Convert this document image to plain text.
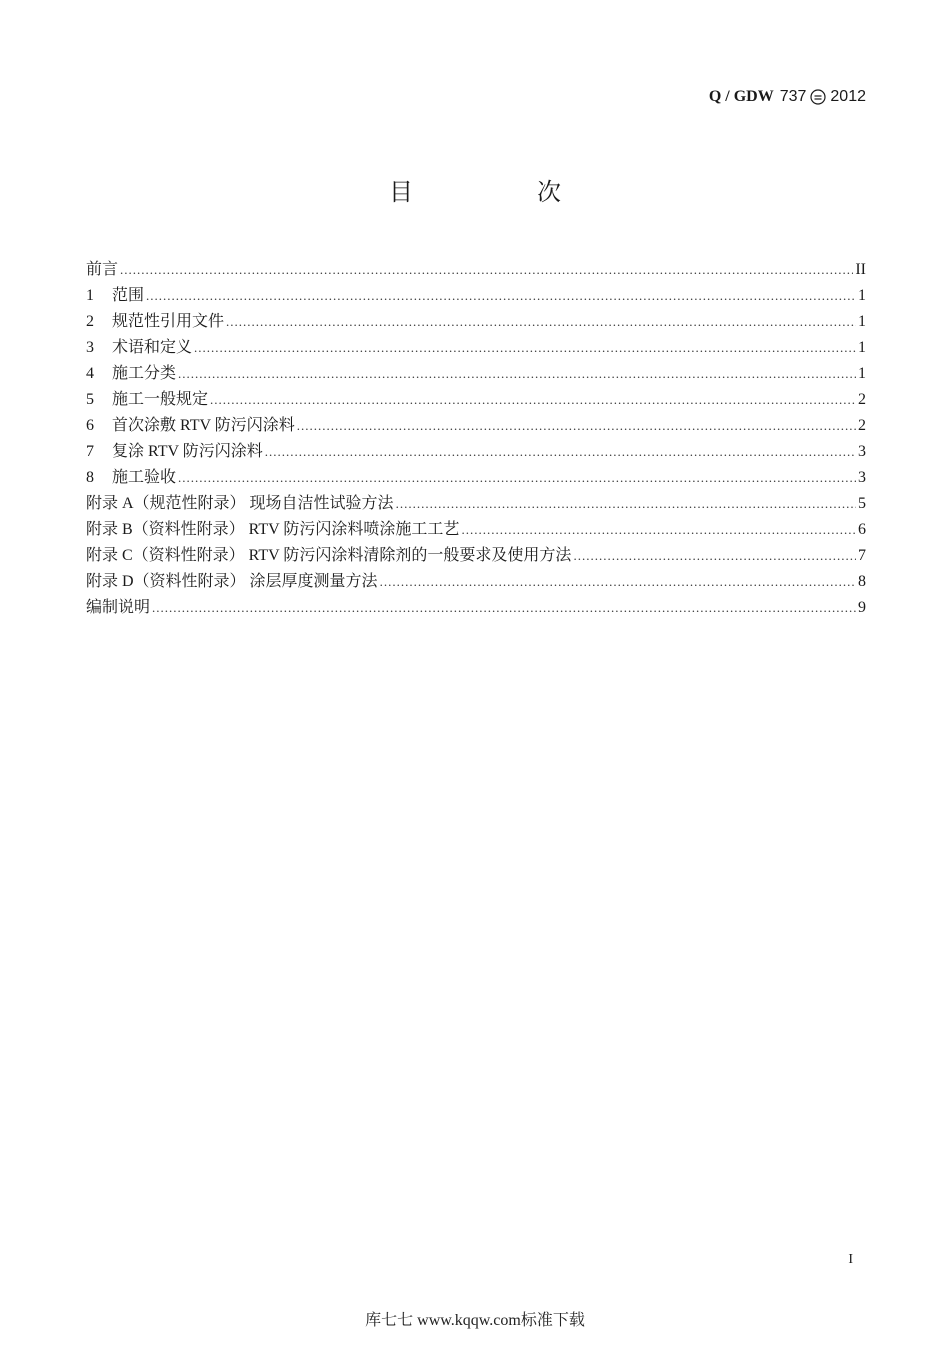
Q / GDW 737 2012
目　次
前言 .....	II
1	范围 .....	1
2	规范性引用文件 .....	1
3	术语和定义 .....	1
4	施工分类 .....	1
5	施工一般规定 .....	2
6	首次涂敷 RTV 防污闪涂料 .....	2
7	复涂 RTV 防污闪涂料 .....	3
8	施工验收 .....	3
附录 A（规范性附录） 现场自洁性试验方法 .....	5
附录 B（资料性附录） RTV 防污闪涂料喷涂施工工艺 .....	6
附录 C（资料性附录） RTV 防污闪涂料清除剂的一般要求及使用方法 .....	7
附录 D（资料性附录） 涂层厚度测量方法 .....	8
编制说明 .....	9
I
库七七 www.kqqw.com标准下载
